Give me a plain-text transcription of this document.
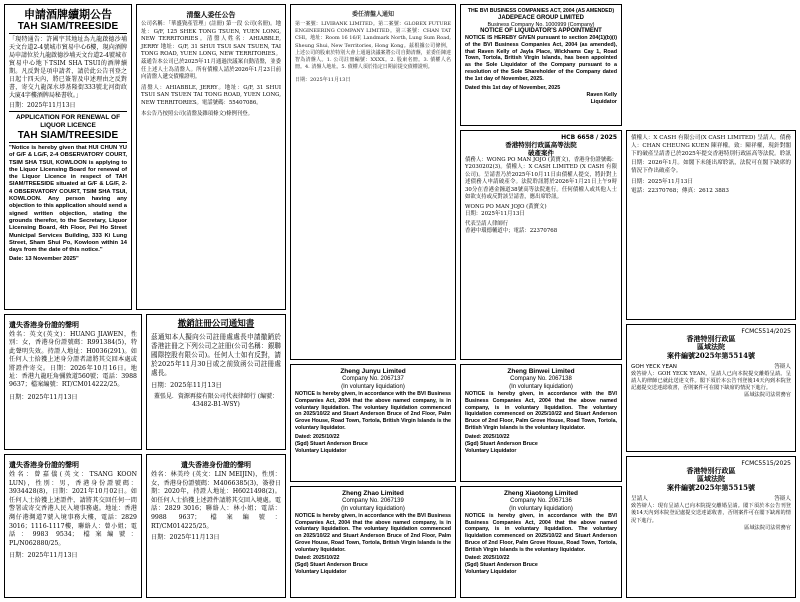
申請酒牌續期公告
TAH SIAM/TREESIDE
「現特通告：許國宇其地址為九龍啟德沙埔天文台道2-4號城市貿易中心6樓，現向酒牌局申請位於九龍啟德沙埔天文台道2-4號城市貿易中心地下TSIM SHA TSUI的酒牌續期。凡反對是項申請者，請於此公告刊登之日起十四天內，將已簽署及申述理由之反對書，寄交九龍深水埗基隆街333號北河街政大廈4字樓酒牌局秘書收。」
日期：2025年11月13日
APPLICATION FOR RENEWAL OF LIQUOR LICENCE
TAH SIAM/TREESIDE
"Notice is hereby given that HUI CHUN YU of G/F & LG/F, 2-4 OBSERVATORY COURT, TSIM SHA TSUI, KOWLOON is applying to the Liquor Licensing Board for renewal of the Liquor Licence in respect of TAH SIAM/TREESIDE situated at G/F & LG/F, 2-4 OBSERVATORY COURT, TSIM SHA TSUI, KOWLOON. Any person having any objection to this application should send a signed written objection, stating the grounds therefor, to the Secretary, Liquor Licensing Board, 4th Floor, Pei Ho Street Municipal Services Building, 333 Ki Lung Street, Sham Shui Po, Kowloon within 14 days from the date of this notice."
Date: 13 November 2025"
遺失香港身份證的聲明
姓名：英文(英文)：HUANG JIAWEN，性別：女，香港身份證號碼：R991384(5)，特此聲明失效。持證人地址：H0036(291)。如任何人士拾獲上述身分證者請將其交回本處或將證件寄交。日期：2026年10月16日。地址：香港九龍旺角彌敦道560號；電話：3988 9637；檔案編號：RT/CM014222/25。
日期：2025年11月13日
遺失香港身份證的聲明
姓名：曾嘉儀(英文：TSANG KOON LUN)，性別：男，香港身份證號碼：3934428(8)，日期：2021年10月02日。如任何人士拾獲上述證件，請將其交回任何一間警署或寄交香港人民入境事務處。地址：香港灣仔港灣道7號入境事務大樓，電話：2829 3016；1116-1117樓，聯絡人：曾小姐；電話：9983 9534；檔案編號：PL/N062880/25。
日期：2025年11月13日
清盤人委任公告
公司名稱：「華盛資產管理」(註冊) 第一段 公司(名冊)。地址：G/F, 125 SHEK TONG TSUEN, YUEN LONG, NEW TERRITORIES。清盤人姓名：AHIABBLE, JERRY 地址：G/F, 31 SHUI TSUI SAN TSUEN, TAI TONG ROAD, YUEN LONG, NEW TERRITORIES。茲通告本公司已於2025年11月通過決議案自動清盤，並委任上述人士為清盤人。所有債權人請於2026年1月23日前向清盤人遞交債權證明。
清盤人：AHIABBLE, JERRY。地址：G/F, 31 SHUI TSUI SAN TSUEN TAI TONG ROAD, YUEN LONG, NEW TERRITORIES。電話號碼：55407086。
本公告乃按照公司(清盤及雜項條文)條例刊登。
撤銷註冊公司通知書
茲通知本人擬向公司註冊處處長申請撤銷於香港註冊之下列公司之註冊(公司名稱：銀聯國際控股有限公司)。任何人士如有反對，請於2025年11月30日或之前致函公司註冊處處長。
日期：2025年11月13日
蓋張見．資源再接有限公司代表律師行 (編號：43482-B1-WSY)
遺失香港身份證的聲明
姓名：林美玲 (英文：LIN MEIJIN)，性別：女，香港身份證號碼：M4066385(3)，簽發日期：2020年，持證人地址：H6021498(2)。如任何人士拾獲上述證件請將其交回入境處。電話：2829 3016；聯絡人：林小姐；電話：9988 9637；檔案編號：RT/CM014225/25。
日期：2025年11月13日
委任清盤人通知
第一案號：LIVIBANK LIMITED。第二案號：GLOBEX FUTURE ENGINEERING COMPANY LIMITED。第三案號：CHAN TAT CHI。地址：Room 16 16/F, Landmark North, Lung Sum Road, Sheung Shui, New Territories, Hong Kong。茲根據公司條例，上述公司的股東於特別大會上通過決議案將公司自動清盤，並委任陳達智為清盤人。1. 公司註冊編號：XXXX。2. 股東名冊。3. 債權人名冊。4. 清盤人地址。5. 債權人須於指定日期前提交債權證明。
日期：2025年11月13日
THE BVI BUSINESS COMPANIES ACT, 2004 (AS AMENDED)
JADEPEACE GROUP LIMITED
Business Company No. 1000999 (Company)
NOTICE OF LIQUIDATOR'S APPOINTMENT
NOTICE IS HEREBY GIVEN pursuant to section 204(1)(b)(i) of the BVI Business Companies Act, 2004 (as amended), that Raven Kelly of Jayla Place, Wickhams Cay 1, Road Town, Tortola, British Virgin Islands, has been appointed as the Sole Liquidator of the Company pursuant to a resolution of the Sole Shareholder of the Company dated the 1st day of November, 2025.
Dated this 1st day of November, 2025
Raven Kelly
Liquidator
HCB 6658 / 2025
香港特別行政區高等法院
破產案件
債務人：WONG PO MAN JOJO (黃寶文)，香港身份證號碼：Y2030202(3)。債權人：X CASH LIMITED (X CASH 有限公司)。呈請書乃於2025年10月11日由債權人提交，將針對上述債務人申請破產令。法院聆訊將於2026年1月21日上午9時30分在香港金鐘道38號高等法院進行。任何債權人或其他人士如欲支持或反對該呈請書，應出席聆訊。
WONG PO MAN JOJO (黃寶文)
日期：2025年11月13日
代表呈請人律師行
香港中環德輔道中；電話：22370768
債權人：X CASH 有限公司(X CASH LIMITED) 呈請人。債務人：CHAN CHEUNG KUEN 陳祥權。致：陳祥權，現針對閣下的破產呈請書已於2025年提交香港特別行政區高等法院。聆訊日期：2026年1月。如閣下未能出席聆訊，法院可在閣下缺席的情況下作出破產令。
日期：2025年11月13日
電話：22370768；傳真：2612 3883
FCMC5514/2025
香港特別行政區
區域法院
案件編號2025年第5514號
GOH YECK YEAN	答辯人
致答辯人：GOH YECK YEAN。呈請人已向本院提交離婚呈請。呈請人的律師已就此送達文件。閣下須於本公告刊登後14天內到本院登記處提交送達認收書，否則案件可在閣下缺席的情況下進行。
區域法院司法常務官
FCMC5515/2025
香港特別行政區
區域法院
案件編號2025年第5515號
呈請人	答辯人
致答辯人：現有呈請人已向本院提交離婚呈請。閣下須於本公告刊登後14天內到本院登記處提交送達認收書，否則案件可在閣下缺席的情況下進行。
區域法院司法常務官
Zheng Junyu Limited
Company No. 2067137
(In voluntary liquidation)
NOTICE is hereby given, in accordance with the BVI Business Companies Act, 2004 that the above named company, is in voluntary liquidation. The voluntary liquidation commenced on 2025/10/22 and Stuart Anderson Bruce of 2nd Floor, Palm Grove House, Road Town, Tortola, British Virgin Islands is the voluntary liquidator.
Dated: 2025/10/22
(Sgd) Stuart Anderson Bruce
Voluntary Liquidator
Zheng Binwei Limited
Company No. 2067138
(In voluntary liquidation)
NOTICE is hereby given, in accordance with the BVI Business Companies Act, 2004 that the above named company, is in voluntary liquidation. The voluntary liquidation commenced on 2025/10/22 and Stuart Anderson Bruce of 2nd Floor, Palm Grove House, Road Town, Tortola, British Virgin Islands is the voluntary liquidator.
Dated: 2025/10/22
(Sgd) Stuart Anderson Bruce
Voluntary Liquidator
Zheng Zhao Limited
Company No. 2067139
(In voluntary liquidation)
NOTICE is hereby given, in accordance with the BVI Business Companies Act, 2004 that the above named company, is in voluntary liquidation. The voluntary liquidation commenced on 2025/10/22 and Stuart Anderson Bruce of 2nd Floor, Palm Grove House, Road Town, Tortola, British Virgin Islands is the voluntary liquidator.
Dated: 2025/10/22
(Sgd) Stuart Anderson Bruce
Voluntary Liquidator
Zheng Xiaotong Limited
Company No. 2067136
(In voluntary liquidation)
NOTICE is hereby given, in accordance with the BVI Business Companies Act, 2004 that the above named company, is in voluntary liquidation. The voluntary liquidation commenced on 2025/10/22 and Stuart Anderson Bruce of 2nd Floor, Palm Grove House, Road Town, Tortola, British Virgin Islands is the voluntary liquidator.
Dated: 2025/10/22
(Sgd) Stuart Anderson Bruce
Voluntary Liquidator
